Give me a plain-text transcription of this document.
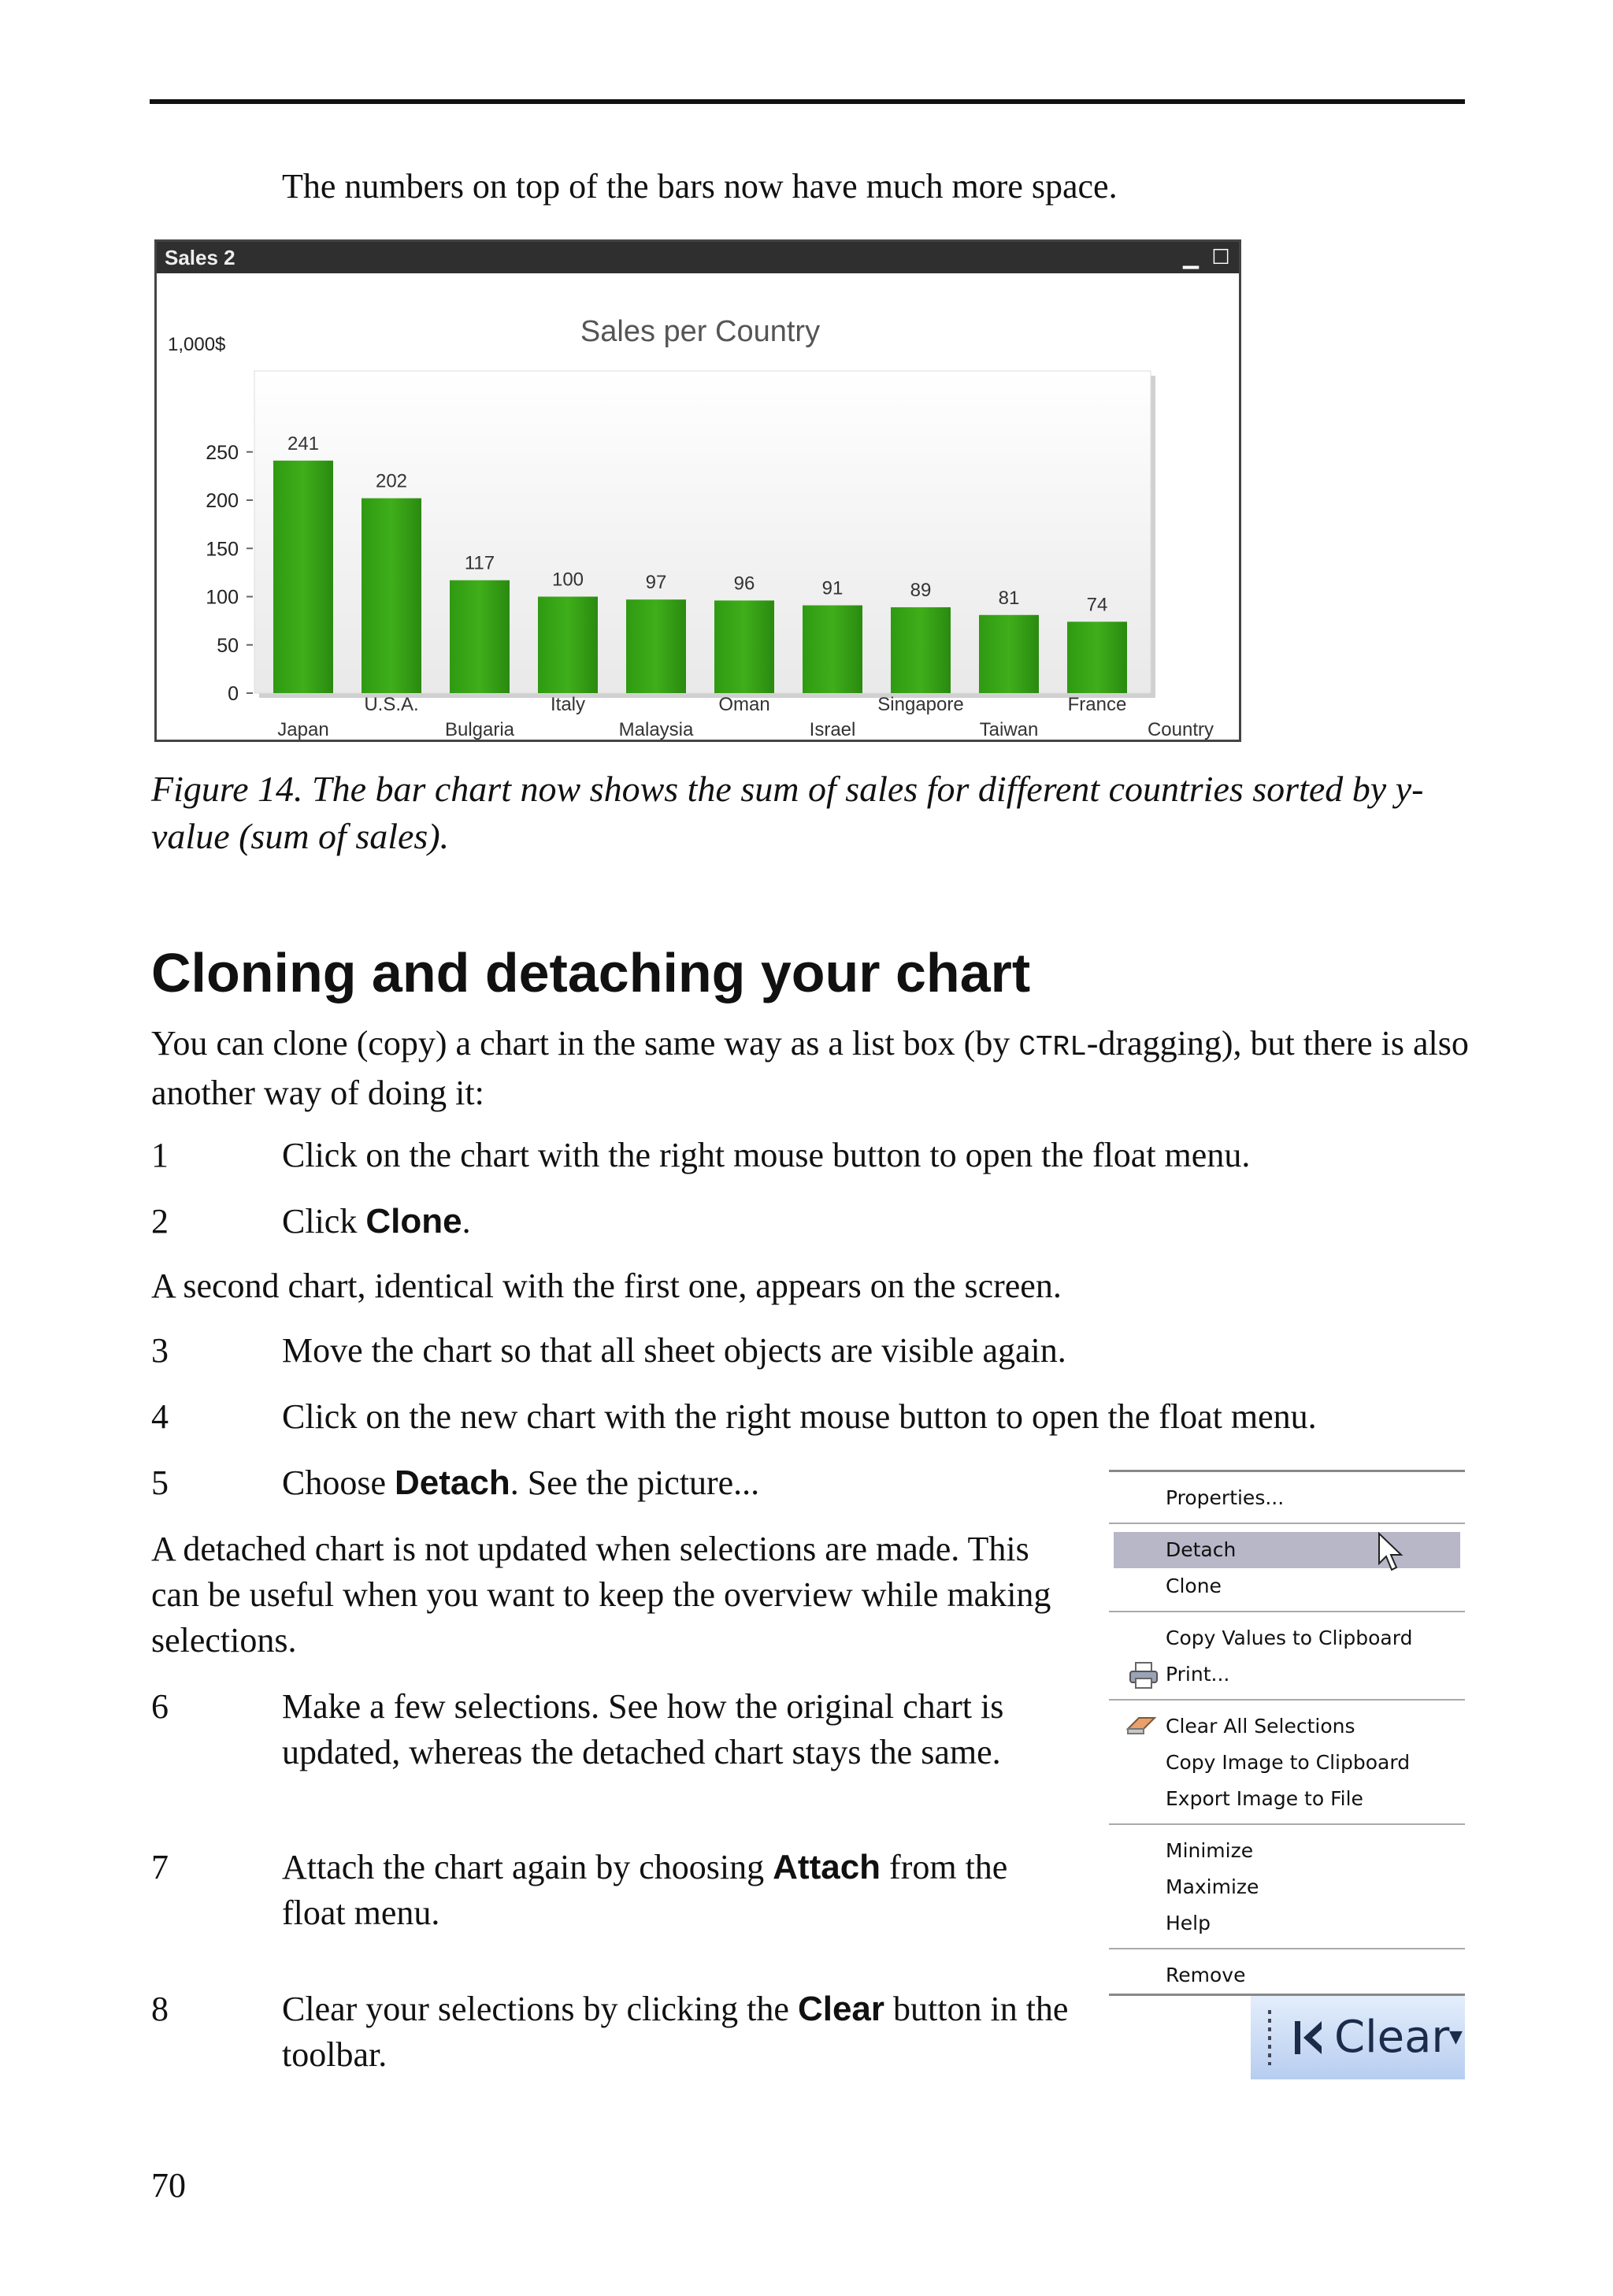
The numbers on top of the bars now have much more space.

Sales 2	▁ ☐
Sales per Country
1,000$
Country
0
50
100
150
200
250	241
Japan
202
U.S.A.
117
Bulgaria
100
Italy
97
Malaysia
96
Oman
91
Israel
89
Singapore
81
Taiwan
74
France
Figure 14. The bar chart now shows the sum of sales for different countries sorted by y-value (sum of sales).
Cloning and detaching your chart

You can clone (copy) a chart in the same way as a list box (by CTRL-dragging), but there is also another way of doing it:

1	Click on the chart with the right mouse button to open the float menu.

2	Click Clone.

A second chart, identical with the first one, appears on the screen.

3	Move the chart so that all sheet objects are visible again.

4	Click on the new chart with the right mouse button to open the float menu.

5	Choose Detach. See the picture...

A detached chart is not updated when selections are made. This can be useful when you want to keep the overview while making selections.

6	Make a few selections. See how the original chart is updated, whereas the detached chart stays the same.

7	Attach the chart again by choosing Attach from the float menu.

8	Clear your selections by clicking the Clear button in the toolbar.

Properties...
Detach
Clone
Copy Values to Clipboard
Print...
Clear All Selections
Copy Image to Clipboard
Export Image to File
Minimize
Maximize
Help
Remove
Clear ▼
70
